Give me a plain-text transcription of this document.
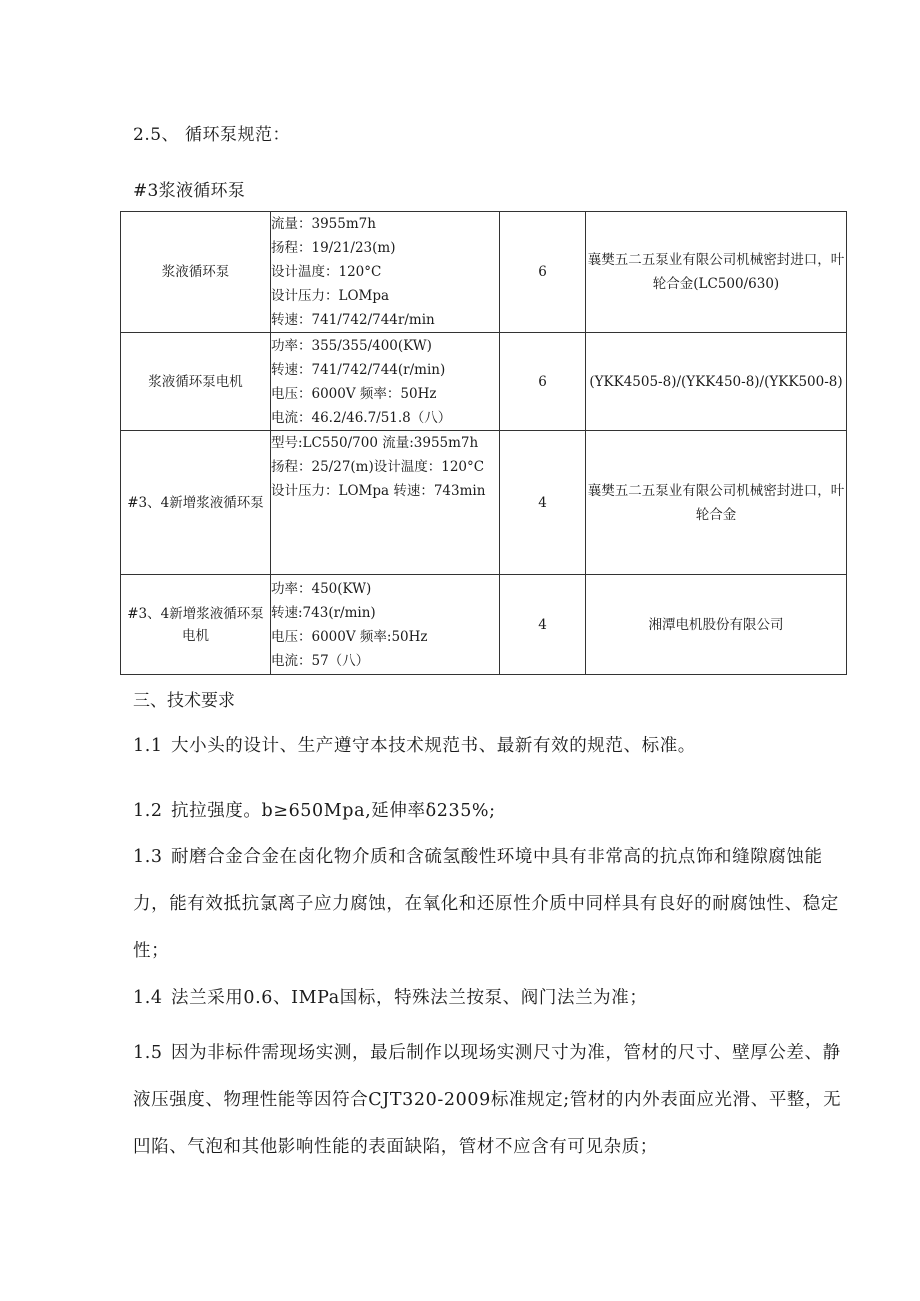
2.5、 循环泵规范：
#3浆液循环泵
浆液循环泵	流量：3955m7h
扬程：19/21/23(m)
设计温度：120°C
设计压力：LOMpa
转速：741/742/744r/min	6	襄樊五二五泵业有限公司机械密封进口，叶轮合金(LC500/630)
浆液循环泵电机	功率：355/355/400(KW)
转速：741/742/744(r/min)
电压：6000V 频率：50Hz
电流：46.2/46.7/51.8（八）	6	(YKK4505-8)/(YKK450-8)/(YKK500-8)
#3、4新增浆液循环泵	型号:LC550/700 流量:3955m7h
扬程：25/27(m)设计温度：120°C
设计压力：LOMpa 转速：743min	4	襄樊五二五泵业有限公司机械密封进口，叶轮合金
#3、4新增浆液循环泵电机	功率：450(KW)
转速:743(r/min)
电压：6000V 频率:50Hz
电流：57（八）	4	湘潭电机股份有限公司
三、技术要求
1.1 大小头的设计、生产遵守本技术规范书、最新有效的规范、标准。
1.2 抗拉强度。b≥650Mpa,延伸率δ235%;
1.3 耐磨合金合金在卤化物介质和含硫氢酸性环境中具有非常高的抗点饰和缝隙腐蚀能力，能有效抵抗氯离子应力腐蚀，在氧化和还原性介质中同样具有良好的耐腐蚀性、稳定性；
1.4 法兰采用0.6、IMPa国标，特殊法兰按泵、阀门法兰为准；
1.5 因为非标件需现场实测，最后制作以现场实测尺寸为准，管材的尺寸、壁厚公差、静液压强度、物理性能等因符合CJT320-2009标准规定;管材的内外表面应光滑、平整，无凹陷、气泡和其他影响性能的表面缺陷，管材不应含有可见杂质；
